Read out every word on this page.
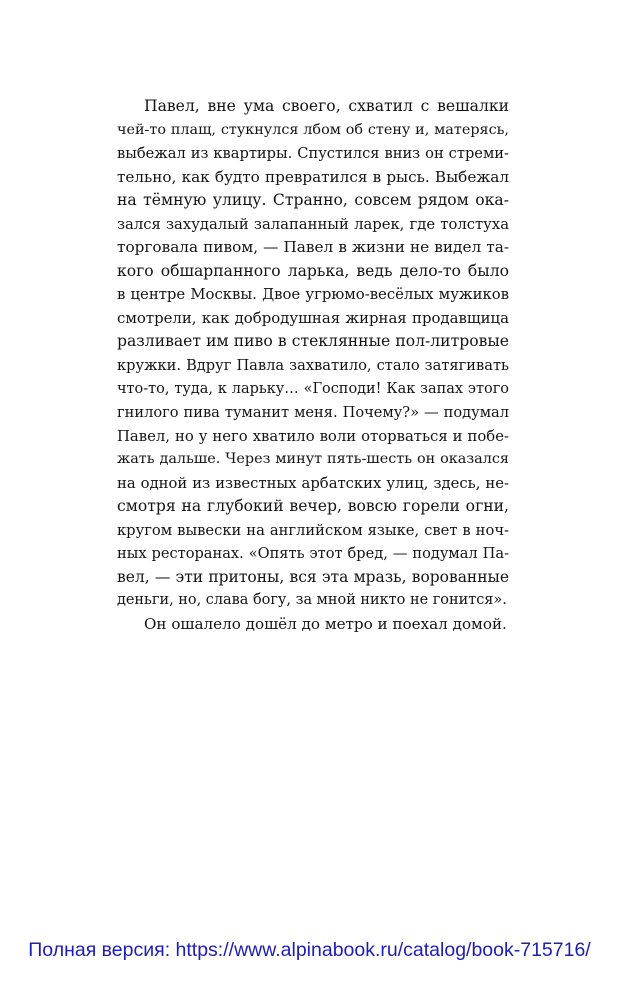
Павел, вне ума своего, схватил с вешалки
чей-то плащ, стукнулся лбом об стену и, матерясь,
выбежал из квартиры. Спустился вниз он стреми-
тельно, как будто превратился в рысь. Выбежал
на тёмную улицу. Странно, совсем рядом ока-
зался захудалый залапанный ларек, где толстуха
торговала пивом, — Павел в жизни не видел та-
кого обшарпанного ларька, ведь дело-то было
в центре Москвы. Двое угрюмо-весёлых мужиков
смотрели, как добродушная жирная продавщица
разливает им пиво в стеклянные пол-литровые
кружки. Вдруг Павла захватило, стало затягивать
что-то, туда, к ларьку… «Господи! Как запах этого
гнилого пива туманит меня. Почему?» — подумал
Павел, но у него хватило воли оторваться и побе-
жать дальше. Через минут пять-шесть он оказался
на одной из известных арбатских улиц, здесь, не-
смотря на глубокий вечер, вовсю горели огни,
кругом вывески на английском языке, свет в ноч-
ных ресторанах. «Опять этот бред, — подумал Па-
вел, — эти притоны, вся эта мразь, ворованные
деньги, но, слава богу, за мной никто не гонится».
Он ошалело дошёл до метро и поехал домой.
Полная версия: https://www.alpinabook.ru/catalog/book-715716/
